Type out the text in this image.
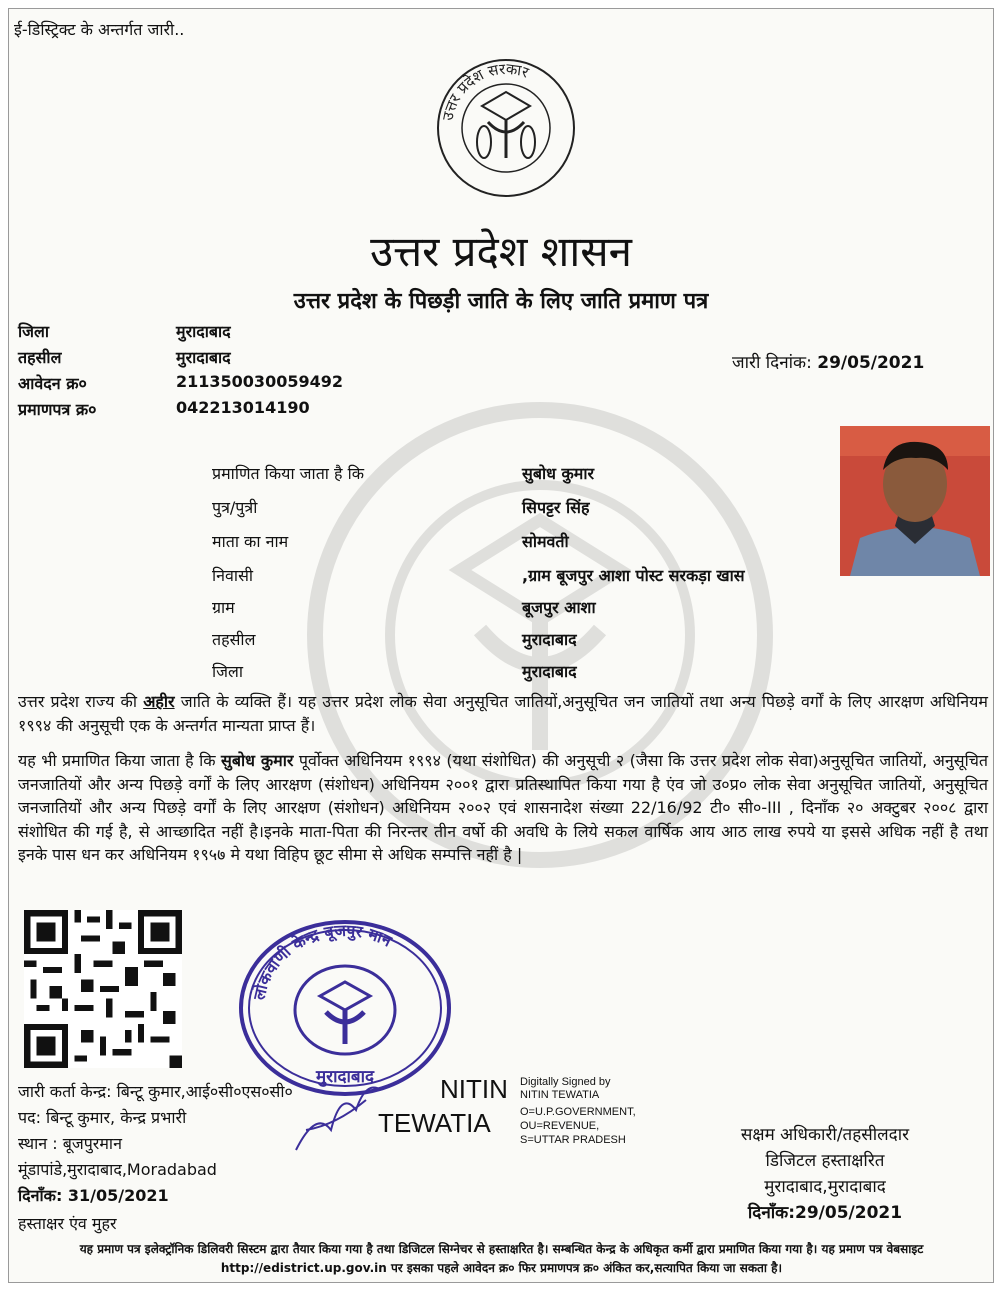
ई-डिस्ट्रिक्ट के अन्तर्गत जारी..
उत्तर प्रदेश सरकार
उत्तर प्रदेश शासन
उत्तर प्रदेश के पिछड़ी जाति के लिए जाति प्रमाण पत्र
जिला	मुरादाबाद
तहसील	मुरादाबाद
आवेदन क्र०	211350030059492
प्रमाणपत्र क्र०	042213014190
जारी दिनांक: 29/05/2021
प्रमाणित किया जाता है कि	सुबोध कुमार
पुत्र/पुत्री	सिपट्टर सिंह
माता का नाम	सोमवती
निवासी	,ग्राम बूजपुर आशा पोस्ट सरकड़ा खास
ग्राम	बूजपुर आशा
तहसील	मुरादाबाद
जिला	मुरादाबाद
उत्तर प्रदेश राज्य की अहीर जाति के व्यक्ति हैं। यह उत्तर प्रदेश लोक सेवा अनुसूचित जातियों,अनुसूचित जन जातियों तथा अन्य पिछड़े वर्गों के लिए आरक्षण अधिनियम १९९४ की अनुसूची एक के अन्तर्गत मान्यता प्राप्त हैं।
यह भी प्रमाणित किया जाता है कि सुबोध कुमार पूर्वोक्त अधिनियम १९९४ (यथा संशोधित) की अनुसूची २ (जैसा कि उत्तर प्रदेश लोक सेवा)अनुसूचित जातियों, अनुसूचित जनजातियों और अन्य पिछड़े वर्गों के लिए आरक्षण (संशोधन) अधिनियम २००१ द्वारा प्रतिस्थापित किया गया है एंव जो उ०प्र० लोक सेवा अनुसूचित जातियों, अनुसूचित जनजातियों और अन्य पिछड़े वर्गों के लिए आरक्षण (संशोधन) अधिनियम २००२ एवं शासनादेश संख्या 22/16/92 टी० सी०-III , दिनाँक २० अक्टुबर २००८ द्वारा संशोधित की गई है, से आच्छादित नहीं है।इनके माता-पिता की निरन्तर तीन वर्षो की अवधि के लिये सकल वार्षिक आय आठ लाख रुपये या इससे अधिक नहीं है तथा इनके पास धन कर अधिनियम १९५७ मे यथा विहिप छूट सीमा से अधिक सम्पत्ति नहीं है |
लोकवाणी केन्द्र बूजपुर मान
मुरादाबाद
जारी कर्ता केन्द्र: बिन्टू कुमार,आई०सी०एस०सी०
पद: बिन्टू कुमार, केन्द्र प्रभारी
स्थान : बूजपुरमान
मूंडापांडे,मुरादाबाद,Moradabad
दिनाँक: 31/05/2021
हस्ताक्षर एंव मुहर
NITIN
TEWATIA
Digitally Signed by
NITIN TEWATIA
O=U.P.GOVERNMENT,
OU=REVENUE,
S=UTTAR PRADESH	सक्षम अधिकारी/तहसीलदार
डिजिटल हस्ताक्षरित
मुरादाबाद,मुरादाबाद
दिनाँक:29/05/2021
यह प्रमाण पत्र इलेक्ट्रॉनिक डिलिवरी सिस्टम द्वारा तैयार किया गया है तथा डिजिटल सिग्नेचर से हस्ताक्षरित है। सम्बन्धित केन्द्र के अधिकृत कर्मी द्वारा प्रमाणित किया गया है। यह प्रमाण पत्र वेबसाइट http://edistrict.up.gov.in पर इसका पहले आवेदन क्र० फिर प्रमाणपत्र क्र० अंकित कर,सत्यापित किया जा सकता है।
